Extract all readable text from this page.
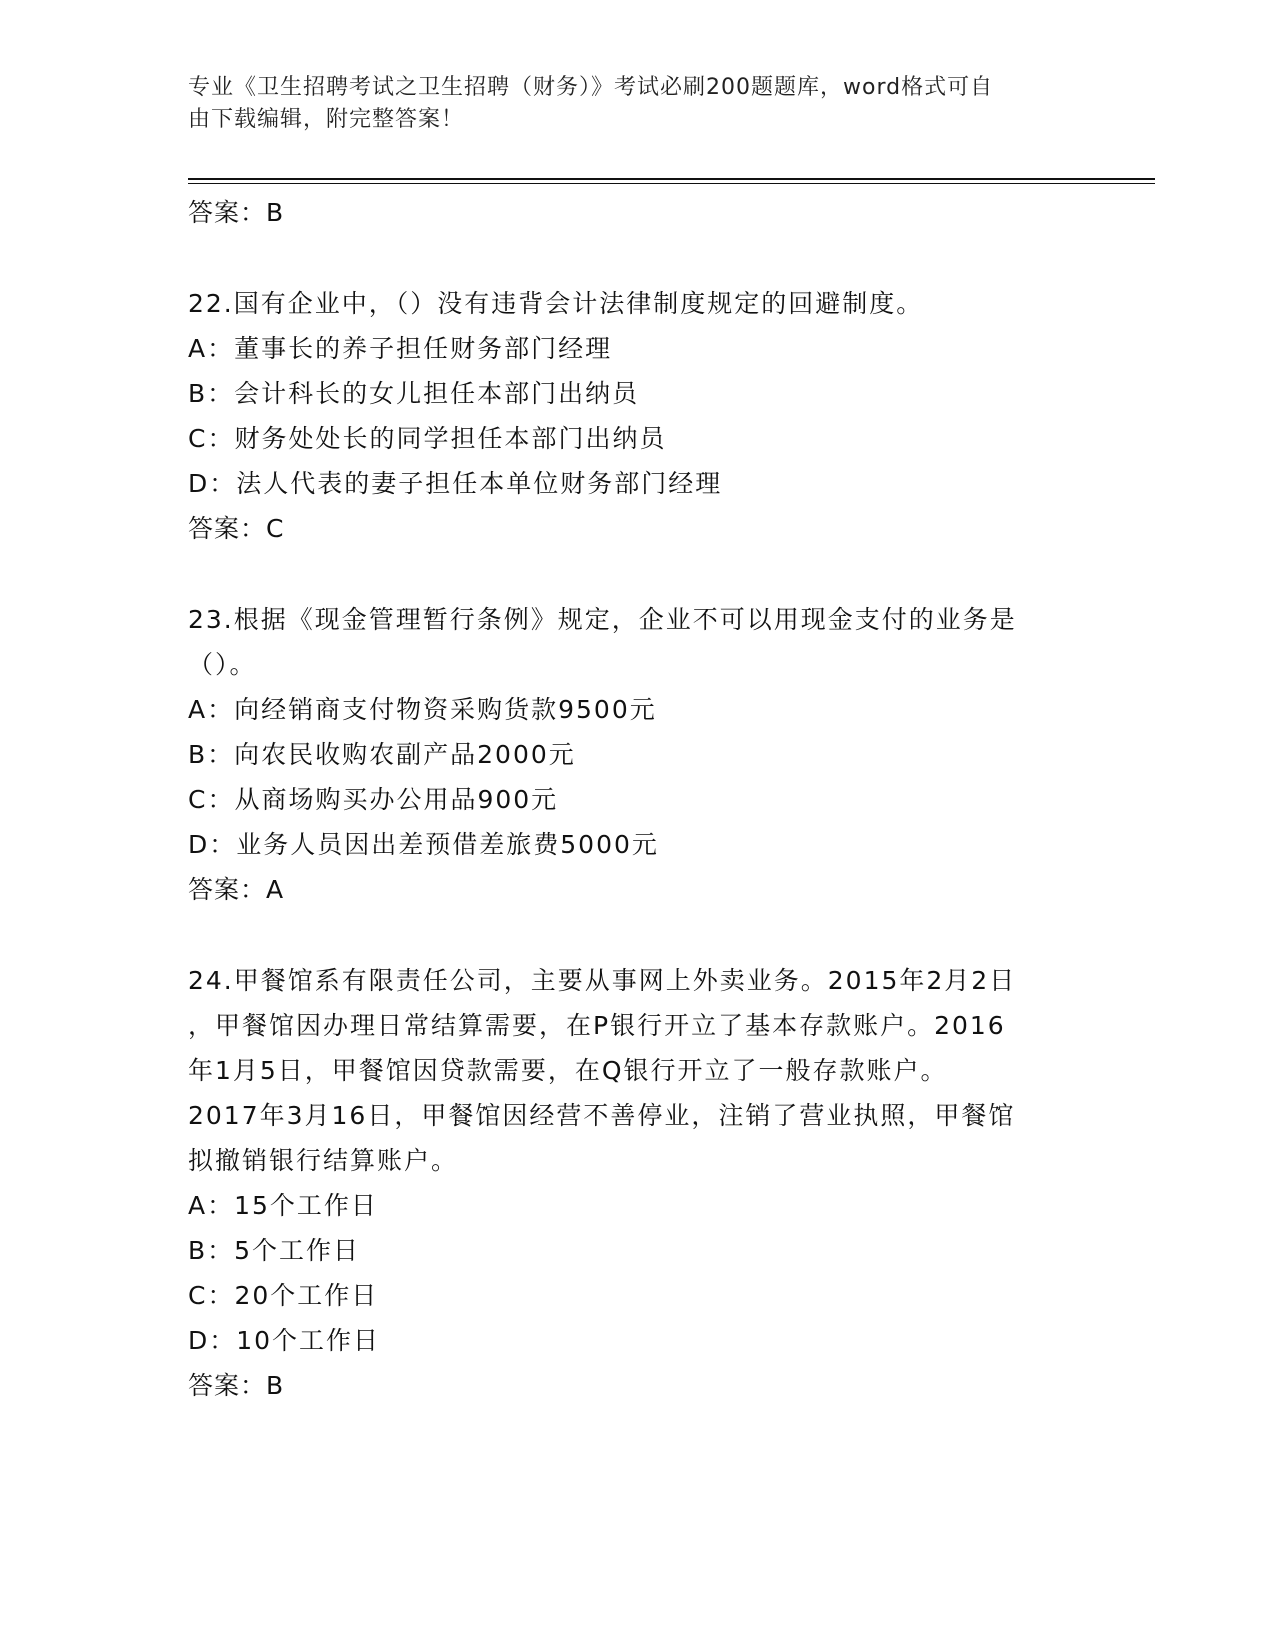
专业《卫生招聘考试之卫生招聘（财务）》考试必刷200题题库，word格式可自
由下载编辑，附完整答案！
答案：B
22.国有企业中，（）没有违背会计法律制度规定的回避制度。
A：董事长的养子担任财务部门经理
B：会计科长的女儿担任本部门出纳员
C：财务处处长的同学担任本部门出纳员
D：法人代表的妻子担任本单位财务部门经理
答案：C
23.根据《现金管理暂行条例》规定，企业不可以用现金支付的业务是
（）。
A：向经销商支付物资采购货款9500元
B：向农民收购农副产品2000元
C：从商场购买办公用品900元
D：业务人员因出差预借差旅费5000元
答案：A
24.甲餐馆系有限责任公司，主要从事网上外卖业务。2015年2月2日
，甲餐馆因办理日常结算需要，在P银行开立了基本存款账户。2016
年1月5日，甲餐馆因贷款需要，在Q银行开立了一般存款账户。
2017年3月16日，甲餐馆因经营不善停业，注销了营业执照，甲餐馆
拟撤销银行结算账户。
A：15个工作日
B：5个工作日
C：20个工作日
D：10个工作日
答案：B
